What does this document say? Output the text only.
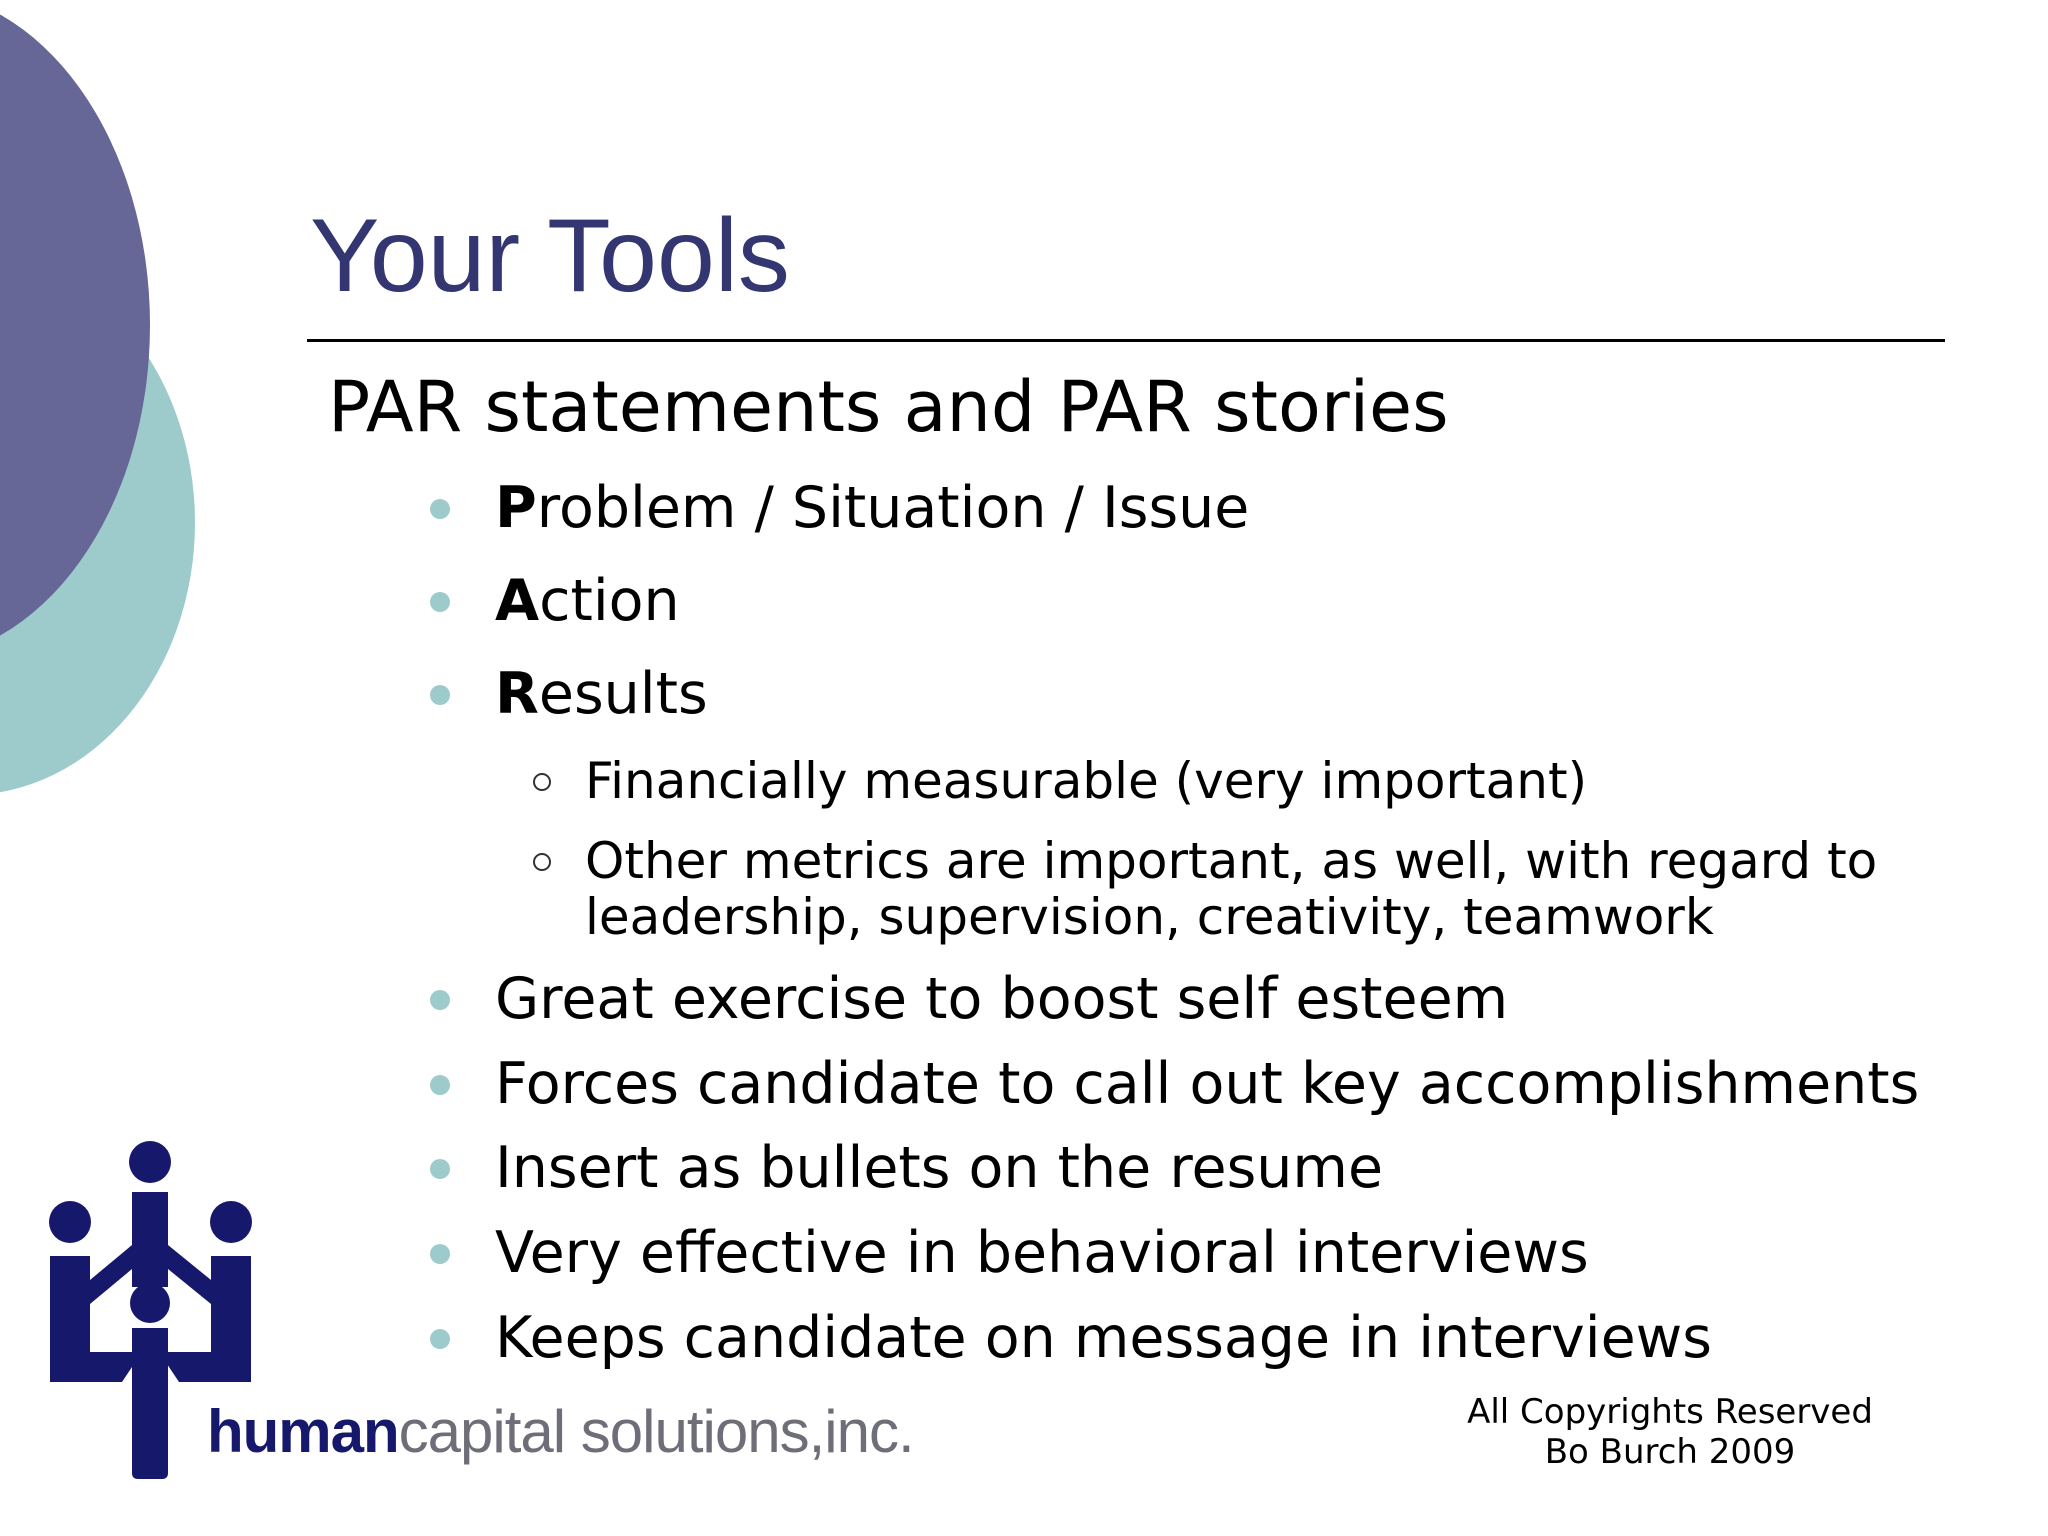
Your Tools
PAR statements and PAR stories
Problem / Situation / Issue
Action
Results
Financially measurable (very important)
Other metrics are important, as well, with regard to leadership, supervision, creativity, teamwork
Great exercise to boost self esteem
Forces candidate to call out key accomplishments
Insert as bullets on the resume
Very effective in behavioral interviews
Keeps candidate on message in interviews
humancapital solutions,inc.	All Copyrights Reserved
Bo Burch 2009
